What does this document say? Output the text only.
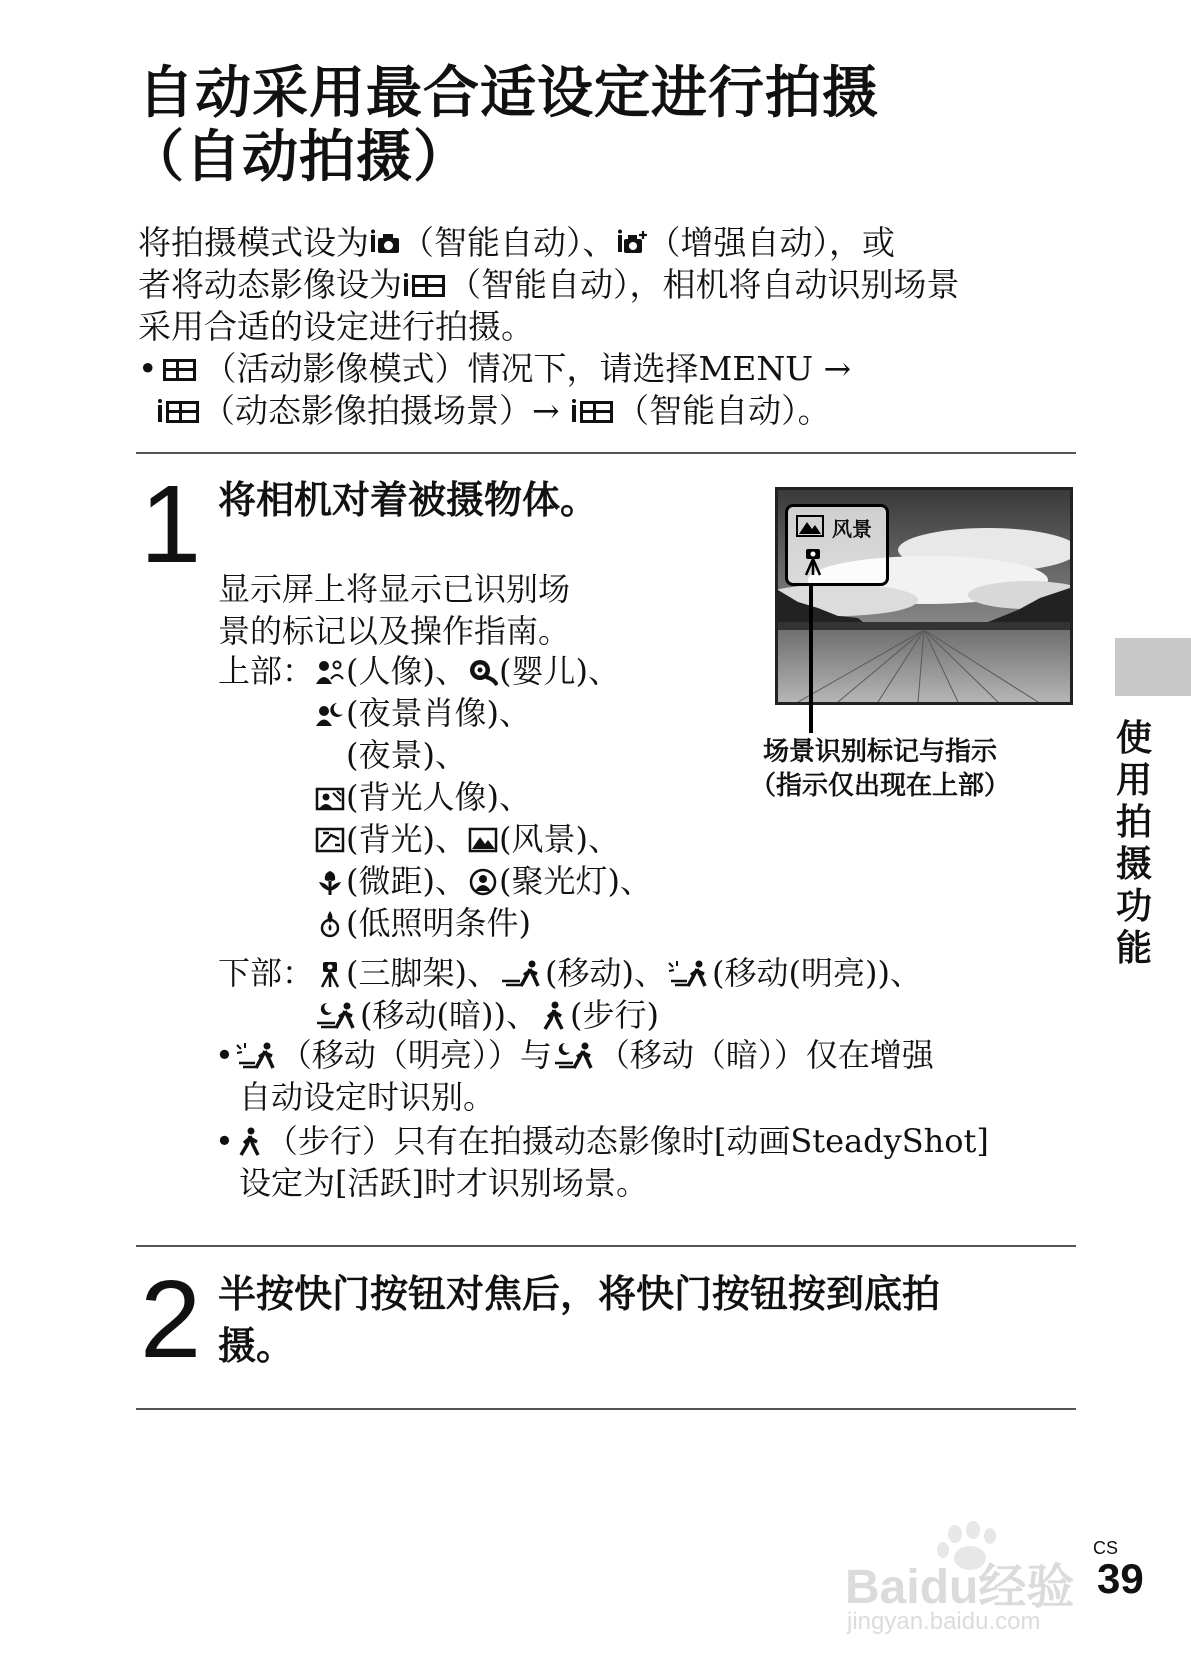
自动采用最合适设定进行拍摄
（自动拍摄）
将拍摄模式设为 （智能自动）、 （增强自动），或
者将动态影像设为 （智能自动），相机将自动识别场景
采用合适的设定进行拍摄。
• （活动影像模式）情况下，请选择MENU →
（动态影像拍摄场景）→ （智能自动）。
1 将相机对着被摄物体。
显示屏上将显示已识别场
景的标记以及操作指南。
上部： (人像)、 (婴儿)、
(夜景肖像)、
(夜景)、
(背光人像)、
(背光)、 (风景)、
(微距)、 (聚光灯)、
(低照明条件)
下部： (三脚架)、 (移动)、 (移动(明亮))、
(移动(暗))、 (步行)
• （移动（明亮））与 （移动（暗））仅在增强
自动设定时识别。
• （步行）只有在拍摄动态影像时[动画SteadyShot]
设定为[活跃]时才识别场景。
风景
场景识别标记与指示
（指示仅出现在上部）
2 半按快门按钮对焦后，将快门按钮按到底拍
摄。
使
用
拍
摄
功
能
Baidu经验
jingyan.baidu.com
CS
39
